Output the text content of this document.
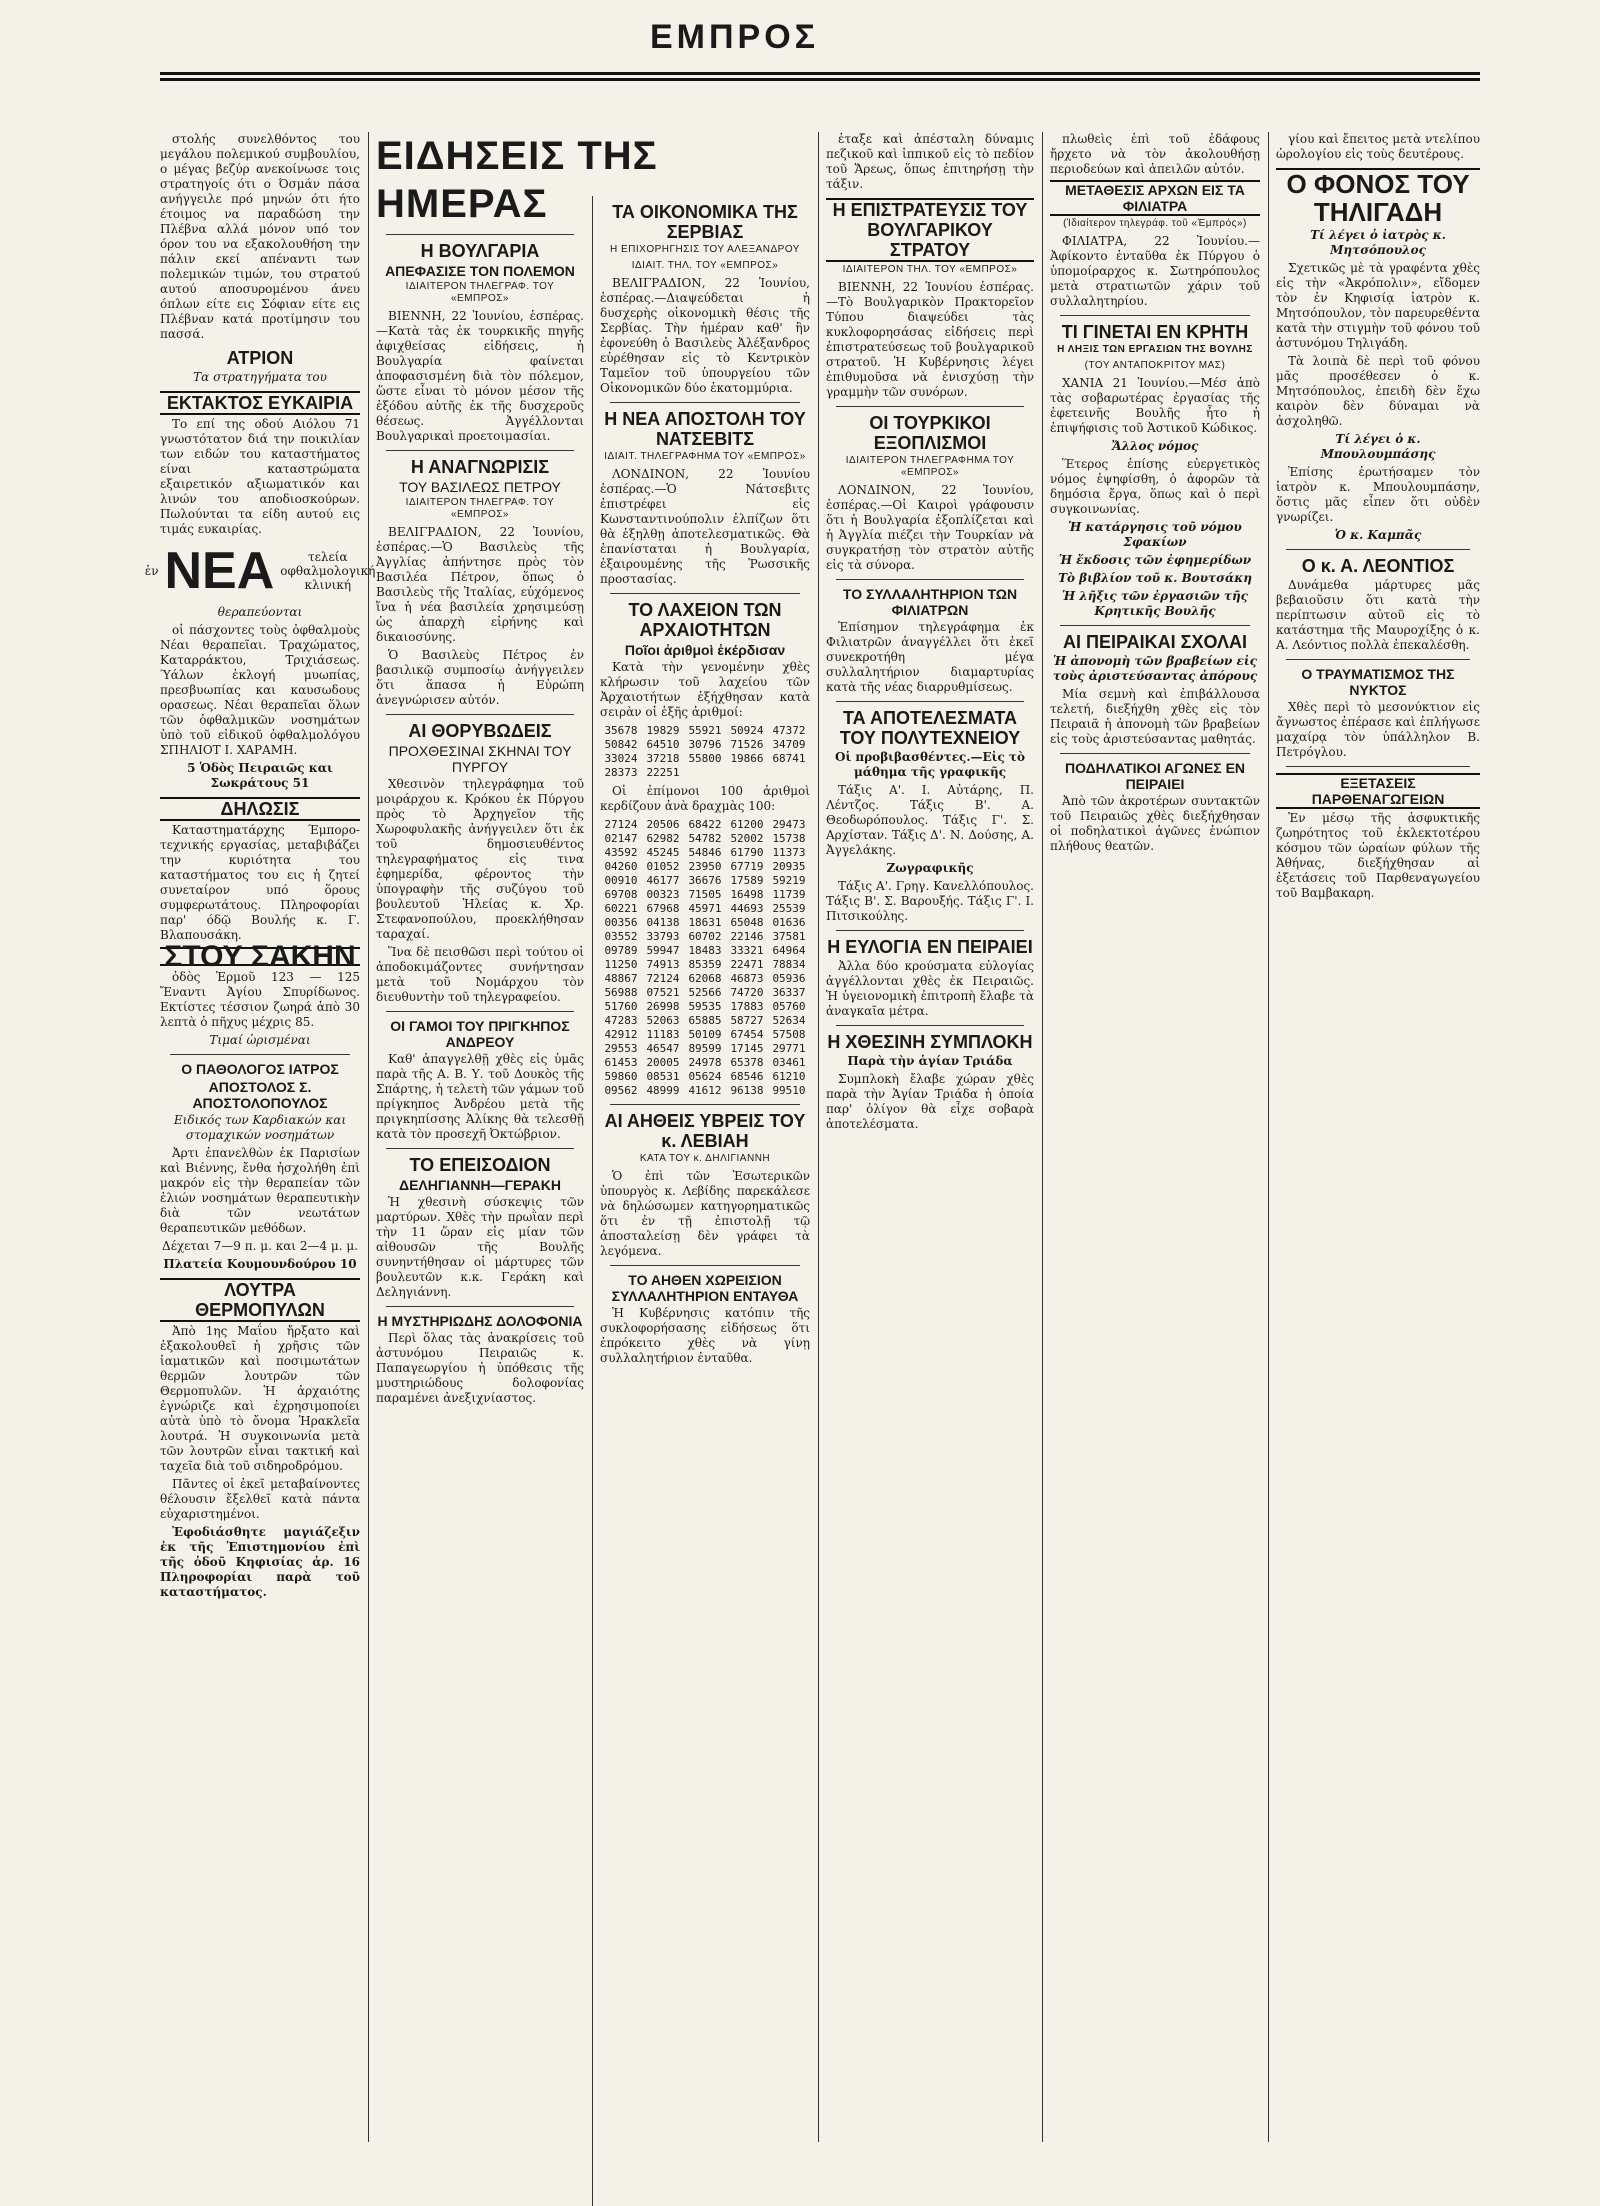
ΕΜΠΡΟΣ

στολής συνελθόντος του μεγάλου πολεμικού συμβουλίου, ο μέγας βεζύρ ανεκοίνωσε τοις στρατηγοίς ότι ο Όσμάν πάσα ανήγγειλε πρό μηνών ότι ήτο έτοιμος να παραδώση την Πλέβνα αλλά μόνον υπό τον όρον του να εξακολουθήση την πάλιν εκεί απέναντι των πολεμικών τιμών, του στρατού αυτού αποσυρομένου άνευ όπλων είτε εις Σόφιαν είτε εις Πλέβναν κατά προτίμησιν του πασσά.

ΑΤΡΙΟΝ

Τα στρατηγήματα του

ΕΚΤΑΚΤΟΣ ΕΥΚΑΙΡΙΑ

Το επί της οδού Αιόλου 71 γνωστότατον διά την ποικιλίαν των ειδών του καταστήματος είναι καταστρώματα εξαιρετικόν αξιωματικόν και λινών του αποδιοσκούρων. Πωλούνται τα είδη αυτού εις τιμάς ευκαιρίας.

ἐν ΝΕΑ	τελεία
οφθαλμολογική
κλινική

θεραπεύονται

οἱ πάσχοντες τοὺς ὀφθαλμοὺς Νέαι θεραπεῖαι. Τραχώματος, Καταρράκτου, Τριχιάσεως. Ύάλων ἐκλογή μυωπίας, πρεσβυωπίας και καυσωδους ορασεως. Νέαι θεραπεῖαι ὅλων τῶν ὀφθαλμικῶν νοσημάτων ὑπὸ τοῦ εἰδικοῦ ὀφθαλμολόγου ΣΠΗΛΙΟΤ Ι. ΧΑΡΑΜΗ.

5 Ὁδὸς Πειραιῶς και Σωκράτους 51

ΔΗΛΩΣΙΣ

Καταστηματάρχης Έμπορο-τεχνικής εργασίας, μεταβιβάζει την κυριότητα του καταστήματος του εις ἡ ζητεί συνεταίρον υπό ὅρους συμφερωτάτους. Πληροφορίαι παρ' όδῷ Βουλής κ. Γ. Βλαπουσάκη.

ΣΤΟΥ ΣΑΚΗΝ

ὁδὸς Ἑρμοῦ 123 — 125 Ἔναντι Ἀγίου Σπυρίδωνος. Εκτίστες τέσσιον ζωηρά ἀπὸ 30 λεπτὰ ὁ πῆχυς μέχρις 85.

Τιμαί ὡρισμέναι

Ο ΠΑΘΟΛΟΓΟΣ ΙΑΤΡΟΣ
ΑΠΟΣΤΟΛΟΣ Σ. ΑΠΟΣΤΟΛΟΠΟΥΛΟΣ

Ειδικός των Καρδιακών και στομαχικών νοσημάτων

Ἀρτι ἐπανελθὼν ἐκ Παρισίων καὶ Βιέννης, ἔνθα ἠσχολήθη ἐπὶ μακρόν εἰς τὴν θεραπείαν τῶν ἐλιών νοσημάτων θεραπευτικὴν διὰ τῶν νεωτάτων θεραπευτικῶν μεθόδων.

Δέχεται 7—9 π. μ. και 2—4 μ. μ.

Πλατεία Κουμουνδούρου 10

ΛΟΥΤΡΑ ΘΕΡΜΟΠΥΛΩΝ

Ἀπὸ 1ης Μαΐου ἤρξατο καὶ ἐξακολουθεῖ ἡ χρῆσις τῶν ἰαματικῶν καὶ ποσιμωτάτων θερμῶν λουτρῶν τῶν Θερμοπυλῶν. Ἡ ἀρχαιότης ἐγνώριζε καὶ ἐχρησιμοποίει αὐτὰ ὑπὸ τὸ ὄνομα Ἡρακλεῖα λουτρά. Ἡ συγκοινωνία μετὰ τῶν λουτρῶν εἶναι τακτική καὶ ταχεῖα διὰ τοῦ σιδηροδρόμου.

Πᾶντες οἱ ἐκεῖ μεταβαίνοντες θέλουσιν ἔξελθεῖ κατὰ πάντα εὐχαριστημένοι.

Ἐφοδιάσθητε μαγιάζεξιν ἐκ τῆς Ἐπιστημονίου ἐπὶ τῆς ὁδοῦ Κηφισίας ἀρ. 16 Πληροφορίαι παρὰ τοῦ καταστήματος.

ΕΙΔΗΣΕΙΣ ΤΗΣ ΗΜΕΡΑΣ
Η ΒΟΥΛΓΑΡΙΑ
ΑΠΕΦΑΣΙΣΕ ΤΟΝ ΠΟΛΕΜΟΝ
ΙΔΙΑΙΤΕΡΟΝ ΤΗΛΕΓΡΑΦ. ΤΟΥ «ΕΜΠΡΟΣ»

ΒΙΕΝΝΗ, 22 Ἰουνίου, ἑσπέρας.—Κατὰ τὰς ἐκ τουρκικῆς πηγῆς ἀφιχθείσας εἰδήσεις, ἡ Βουλγαρία φαίνεται ἀποφασισμένη διὰ τὸν πόλεμον, ὥστε εἶναι τὸ μόνον μέσον τῆς ἐξόδου αὐτῆς ἐκ τῆς δυσχεροῦς θέσεως. Ἀγγέλλονται Βουλγαρικαὶ προετοιμασίαι.

Η ΑΝΑΓΝΩΡΙΣΙΣ
ΤΟΥ ΒΑΣΙΛΕΩΣ ΠΕΤΡΟΥ
ΙΔΙΑΙΤΕΡΟΝ ΤΗΛΕΓΡΑΦ. ΤΟΥ «ΕΜΠΡΟΣ»

ΒΕΛΙΓΡΑΔΙΟΝ, 22 Ἰουνίου, ἑσπέρας.—Ὁ Βασιλεὺς τῆς Ἀγγλίας ἀπήντησε πρὸς τὸν Βασιλέα Πέτρον, ὅπως ὁ Βασιλεὺς τῆς Ἰταλίας, εὐχόμενος ἵνα ἡ νέα βασιλεία χρησιμεύσῃ ὡς ἀπαρχὴ εἰρήνης καὶ δικαιοσύνης.

Ὁ Βασιλεὺς Πέτρος ἐν βασιλικῷ συμποσίῳ ἀνήγγειλεν ὅτι ἅπασα ἡ Εὐρώπη ἀνεγνώρισεν αὐτόν.

ΑΙ ΘΟΡΥΒΩΔΕΙΣ
ΠΡΟΧΘΕΣΙΝΑΙ ΣΚΗΝΑΙ ΤΟΥ ΠΥΡΓΟΥ

Χθεσινὸν τηλεγράφημα τοῦ μοιράρχου κ. Κρόκου ἐκ Πύργου πρὸς τὸ Ἀρχηγεῖον τῆς Χωροφυλακῆς ἀνήγγειλεν ὅτι ἐκ τοῦ δημοσιευθέντος τηλεγραφήματος εἰς τινα ἐφημερίδα, φέροντος τὴν ὑπογραφὴν τῆς συζύγου τοῦ βουλευτοῦ Ἠλείας κ. Χρ. Στεφανοπούλου, προεκλήθησαν ταραχαί.

Ἵνα δὲ πεισθῶσι περὶ τούτου οἱ ἀποδοκιμάζοντες συνήντησαν μετὰ τοῦ Νομάρχου τὸν διευθυντὴν τοῦ τηλεγραφείου.

ΟΙ ΓΑΜΟΙ ΤΟΥ ΠΡΙΓΚΗΠΟΣ ΑΝΔΡΕΟΥ

Καθ' ἀπαγγελθῇ χθὲς εἰς ὑμᾶς παρὰ τῆς Α. Β. Υ. τοῦ Δουκὸς τῆς Σπάρτης, ἡ τελετὴ τῶν γάμων τοῦ πρίγκηπος Ἀνδρέου μετὰ τῆς πριγκηπίσσης Ἀλίκης θὰ τελεσθῇ κατὰ τὸν προσεχῆ Ὀκτώβριον.

ΤΟ ΕΠΕΙΣΟΔΙΟΝ
ΔΕΛΗΓΙΑΝΝΗ—ΓΕΡΑΚΗ

Ἡ χθεσινὴ σύσκεψις τῶν μαρτύρων. Χθὲς τὴν πρωῒαν περὶ τὴν 11 ὥραν εἰς μίαν τῶν αἰθουσῶν τῆς Βουλῆς συνηντήθησαν οἱ μάρτυρες τῶν βουλευτῶν κ.κ. Γεράκη καὶ Δεληγιάννη.

Η ΜΥΣΤΗΡΙΩΔΗΣ ΔΟΛΟΦΟΝΙΑ

Περὶ ὅλας τὰς ἀνακρίσεις τοῦ ἀστυνόμου Πειραιῶς κ. Παπαγεωργίου ἡ ὑπόθεσις τῆς μυστηριώδους δολοφονίας παραμένει ἀνεξιχνίαστος.

ΤΑ ΟΙΚΟΝΟΜΙΚΑ ΤΗΣ ΣΕΡΒΙΑΣ
Η ΕΠΙΧΟΡΗΓΗΣΙΣ ΤΟΥ ΑΛΕΞΑΝΔΡΟΥ
ΙΔΙΑΙΤ. ΤΗΛ. ΤΟΥ «ΕΜΠΡΟΣ»

ΒΕΛΙΓΡΑΔΙΟΝ, 22 Ἰουνίου, ἑσπέρας.—Διαψεύδεται ἡ δυσχερὴς οἰκονομικὴ θέσις τῆς Σερβίας. Τὴν ἡμέραν καθ' ἣν ἐφονεύθη ὁ Βασιλεὺς Ἀλέξανδρος εὑρέθησαν εἰς τὸ Κεντρικὸν Ταμεῖον τοῦ ὑπουργείου τῶν Οἰκονομικῶν δύο ἑκατομμύρια.

Η ΝΕΑ ΑΠΟΣΤΟΛΗ ΤΟΥ ΝΑΤΣΕΒΙΤΣ
ΙΔΙΑΙΤ. ΤΗΛΕΓΡΑΦΗΜΑ ΤΟΥ «ΕΜΠΡΟΣ»

ΛΟΝΔΙΝΟΝ, 22 Ἰουνίου ἑσπέρας.—Ὁ Νάτσεβιτς ἐπιστρέφει εἰς Κωνσταντινούπολιν ἐλπίζων ὅτι θὰ ἐξηλθῃ ἀποτελεσματικῶς. Θὰ ἐπανίσταται ἡ Βουλγαρία, ἐξαιρουμένης τῆς Ῥωσσικῆς προστασίας.

ΤΟ ΛΑΧΕΙΟΝ ΤΩΝ ΑΡΧΑΙΟΤΗΤΩΝ
Ποῖοι ἀριθμοὶ ἐκέρδισαν

Κατὰ τὴν γενομένην χθὲς κλήρωσιν τοῦ λαχείου τῶν Ἀρχαιοτήτων ἐξήχθησαν κατὰ σειρὰν οἱ ἑξῆς ἀριθμοί:

35678 19829 55921 50924 47372
50842 64510 30796 71526 34709
33024 37218 55800 19866 68741
28373 22251

Οἱ ἐπίμονοι 100 ἀριθμοὶ κερδίζουν ἀνὰ δραχμὰς 100:

27124 20506 68422 61200 29473
02147 62982 54782 52002 15738
43592 45245 54846 61790 11373
04260 01052 23950 67719 20935
00910 46177 36676 17589 59219
69708 00323 71505 16498 11739
60221 67968 45971 44693 25539
00356 04138 18631 65048 01636
03552 33793 60702 22146 37581
09789 59947 18483 33321 64964
11250 74913 85359 22471 78834
48867 72124 62068 46873 05936
56988 07521 52566 74720 36337
51760 26998 59535 17883 05760
47283 52063 65885 58727 52634
42912 11183 50109 67454 57508
29553 46547 89599 17145 29771
61453 20005 24978 65378 03461
59860 08531 05624 68546 61210
09562 48999 41612 96138 99510
ΑΙ ΑΗΘΕΙΣ ΥΒΡΕΙΣ ΤΟΥ κ. ΛΕΒΙΑΗ
ΚΑΤΑ ΤΟΥ κ. ΔΗΛΙΓΙΑΝΝΗ

Ὁ ἐπὶ τῶν Ἐσωτερικῶν ὑπουργὸς κ. Λεβίδης παρεκάλεσε νὰ δηλώσωμεν κατηγορηματικῶς ὅτι ἐν τῇ ἐπιστολῇ τῷ ἀποσταλείσῃ δὲν γράφει τὰ λεγόμενα.

ΤΟ ΑΗΘΕΝ ΧΩΡΕΙΣΙΟΝ ΣΥΛΛΑΛΗΤΗΡΙΟΝ ΕΝΤΑΥΘΑ

Ἡ Κυβέρνησις κατόπιν τῆς συκλοφορήσασης εἰδήσεως ὅτι ἐπρόκειτο χθὲς νὰ γίνῃ συλλαλητήριον ἐνταῦθα.

ἐταξε καὶ ἀπέσταλη δύναμις πεζικοῦ καὶ ἱππικοῦ εἰς τὸ πεδίον τοῦ Ἄρεως, ὅπως ἐπιτηρήσῃ τὴν τάξιν.

Η ΕΠΙΣΤΡΑΤΕΥΣΙΣ ΤΟΥ ΒΟΥΛΓΑΡΙΚΟΥ ΣΤΡΑΤΟΥ
ΙΔΙΑΙΤΕΡΟΝ ΤΗΛ. ΤΟΥ «ΕΜΠΡΟΣ»

ΒΙΕΝΝΗ, 22 Ἰουνίου ἑσπέρας.—Τὸ Βουλγαρικὸν Πρακτορεῖον Τύπου διαψεύδει τὰς κυκλοφορησάσας εἰδήσεις περὶ ἐπιστρατεύσεως τοῦ βουλγαρικοῦ στρατοῦ. Ἡ Κυβέρνησις λέγει ἐπιθυμοῦσα νὰ ἐνισχύσῃ τὴν γραμμὴν τῶν συνόρων.

ΟΙ ΤΟΥΡΚΙΚΟΙ ΕΞΟΠΛΙΣΜΟΙ
ΙΔΙΑΙΤΕΡΟΝ ΤΗΛΕΓΡΑΦΗΜΑ ΤΟΥ «ΕΜΠΡΟΣ»

ΛΟΝΔΙΝΟΝ, 22 Ἰουνίου, ἑσπέρας.—Οἱ Καιροὶ γράφουσιν ὅτι ἡ Βουλγαρία ἐξοπλίζεται καὶ ἡ Ἀγγλία πιέζει τὴν Τουρκίαν νὰ συγκρατήσῃ τὸν στρατὸν αὐτῆς εἰς τὰ σύνορα.

ΤΟ ΣΥΛΛΑΛΗΤΗΡΙΟΝ ΤΩΝ ΦΙΛΙΑΤΡΩΝ

Ἐπίσημον τηλεγράφημα ἐκ Φιλιατρῶν ἀναγγέλλει ὅτι ἐκεῖ συνεκροτήθη μέγα συλλαλητήριον διαμαρτυρίας κατὰ τῆς νέας διαρρυθμίσεως.

ΤΑ ΑΠΟΤΕΛΕΣΜΑΤΑ ΤΟΥ ΠΟΛΥΤΕΧΝΕΙΟΥ

Οἱ προβιβασθέντες.—Εἰς τὸ μάθημα τῆς γραφικῆς

Τάξις Α'. Ι. Αὐτάρης, Π. Λέντζος. Τάξις Β'. Α. Θεοδωρόπουλος. Τάξις Γ'. Σ. Αρχίσταν. Τάξις Δ'. Ν. Δούσης, Α. Ἀγγελάκης.

Ζωγραφικῆς

Τάξις Α'. Γρηγ. Κανελλόπουλος. Τάξις Β'. Σ. Βαρουξής. Τάξις Γ'. Ι. Πιτσικούλης.

Η ΕΥΛΟΓΙΑ ΕΝ ΠΕΙΡΑΙΕΙ

Ἀλλα δύο κρούσματα εὐλογίας ἀγγέλλονται χθὲς ἐκ Πειραιῶς. Ἡ ὑγειονομικὴ ἐπιτροπὴ ἔλαβε τὰ ἀναγκαῖα μέτρα.

Η ΧΘΕΣΙΝΗ ΣΥΜΠΛΟΚΗ

Παρὰ τὴν ἁγίαν Τριάδα

Συμπλοκὴ ἔλαβε χώραν χθὲς παρὰ τὴν Ἁγίαν Τριάδα ἡ ὁποία παρ' ὀλίγον θὰ εἶχε σοβαρὰ ἀποτελέσματα.

πλωθεὶς ἐπὶ τοῦ ἐδάφους ἤρχετο νὰ τὸν ἀκολουθήσῃ περιοδεύων καὶ ἀπειλῶν αὐτόν.

ΜΕΤΑΘΕΣΙΣ ΑΡΧΩΝ ΕΙΣ ΤΑ ΦΙΛΙΑΤΡΑ
(Ἰδιαίτερον τηλεγράφ. τοῦ «Ἐμπρός»)

ΦΙΛΙΑΤΡΑ, 22 Ἰουνίου.—Ἀφίκοντο ἐνταῦθα ἐκ Πύργου ὁ ὑπομοίραρχος κ. Σωτηρόπουλος μετὰ στρατιωτῶν χάριν τοῦ συλλαλητηρίου.

ΤΙ ΓΙΝΕΤΑΙ ΕΝ ΚΡΗΤΗ
Η ΛΗΞΙΣ ΤΩΝ ΕΡΓΑΣΙΩΝ ΤΗΣ ΒΟΥΛΗΣ
(ΤΟΥ ΑΝΤΑΠΟΚΡΙΤΟΥ ΜΑΣ)

ΧΑΝΙΑ 21 Ἰουνίου.—Μέσ ἀπὸ τὰς σοβαρωτέρας ἐργασίας τῆς ἐφετεινῆς Βουλῆς ἦτο ἡ ἐπιψήφισις τοῦ Ἀστικοῦ Κώδικος.

Ἄλλος νόμος

Ἕτερος ἐπίσης εὐεργετικὸς νόμος ἐψηφίσθη, ὁ ἀφορῶν τὰ δημόσια ἔργα, ὅπως καὶ ὁ περὶ συγκοινωνίας.

Ἡ κατάργησις τοῦ νόμου Σφακίων

Ἡ ἔκδοσις τῶν ἐφημερίδων

Τὸ βιβλίον τοῦ κ. Βουτσάκη

Ἡ λῆξις τῶν ἐργασιῶν τῆς Κρητικῆς Βουλῆς

ΑΙ ΠΕΙΡΑΙΚΑΙ ΣΧΟΛΑΙ

Ἡ ἀπονομὴ τῶν βραβείων εἰς τοὺς ἀριστεύσαντας ἀπόρους

Μία σεμνὴ καὶ ἐπιβάλλουσα τελετή, διεξήχθη χθὲς εἰς τὸν Πειραιᾶ ἡ ἀπονομὴ τῶν βραβείων εἰς τοὺς ἀριστεύσαντας μαθητάς.

ΠΟΔΗΛΑΤΙΚΟΙ ΑΓΩΝΕΣ ΕΝ ΠΕΙΡΑΙΕΙ

Ἀπὸ τῶν ἀκροτέρων συντακτῶν τοῦ Πειραιῶς χθὲς διεξήχθησαν οἱ ποδηλατικοὶ ἀγῶνες ἐνώπιον πλήθους θεατῶν.

γίου καὶ ἔπειτος μετὰ ντελίπου ὡρολογίου εἰς τοὺς δευτέρους.

Ο ΦΟΝΟΣ ΤΟΥ ΤΗΛΙΓΑΔΗ

Τί λέγει ὁ ἰατρὸς κ. Μητσόπουλος

Σχετικῶς μὲ τὰ γραφέντα χθὲς εἰς τὴν «Ἀκρόπολιν», εἴδομεν τὸν ἐν Κηφισίᾳ ἰατρὸν κ. Μητσόπουλον, τὸν παρευρεθέντα κατὰ τὴν στιγμὴν τοῦ φόνου τοῦ ἀστυνόμου Τηλιγάδη.

Τὰ λοιπὰ δὲ περὶ τοῦ φόνου μᾶς προσέθεσεν ὁ κ. Μητσόπουλος, ἐπειδὴ δὲν ἔχω καιρὸν δὲν δύναμαι νὰ ἀσχοληθῶ.

Τί λέγει ὁ κ. Μπουλουμπάσης

Ἐπίσης ἐρωτήσαμεν τὸν ἰατρὸν κ. Μπουλουμπάσην, ὅστις μᾶς εἶπεν ὅτι οὐδὲν γνωρίζει.

Ὁ κ. Καμπᾶς

Ο κ. Α. ΛΕΟΝΤΙΟΣ

Δυνάμεθα μάρτυρες μᾶς βεβαιοῦσιν ὅτι κατὰ τὴν περίπτωσιν αὐτοῦ εἰς τὸ κατάστημα τῆς Μαυροχίξης ὁ κ. Α. Λεόντιος πολλὰ ἐπεκαλέσθη.

Ο ΤΡΑΥΜΑΤΙΣΜΟΣ ΤΗΣ ΝΥΚΤΟΣ

Χθὲς περὶ τὸ μεσονύκτιον εἰς ἄγνωστος ἐπέρασε καὶ ἐπλήγωσε μαχαίρᾳ τὸν ὑπάλληλον Β. Πετρόγλου.

ΕΞΕΤΑΣΕΙΣ ΠΑΡΘΕΝΑΓΩΓΕΙΩΝ

Ἐν μέσῳ τῆς ἀσφυκτικῆς ζωηρότητος τοῦ ἐκλεκτοτέρου κόσμου τῶν ὡραίων φύλων τῆς Ἀθήνας, διεξήχθησαν αἱ ἐξετάσεις τοῦ Παρθεναγωγείου τοῦ Βαμβακαρη.
